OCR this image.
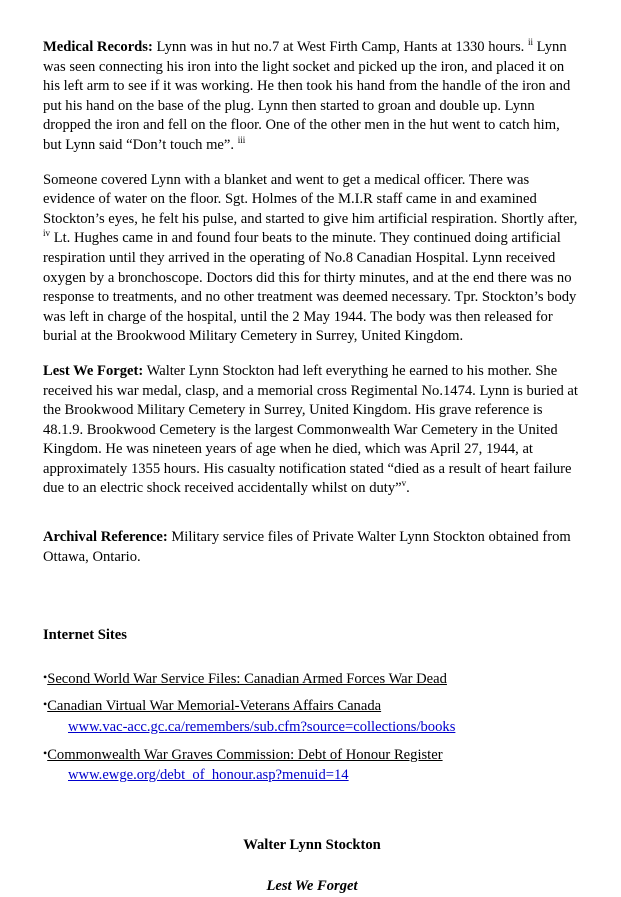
Medical Records: Lynn was in hut no.7 at West Firth Camp, Hants at 1330 hours. $^{ii}$ Lynn was seen connecting his iron into the light socket and picked up the iron, and placed it on his left arm to see if it was working. He then took his hand from the handle of the iron and put his hand on the base of the plug. Lynn then started to groan and double up. Lynn dropped the iron and fell on the floor. One of the other men in the hut went to catch him, but Lynn said “Don’t touch me”. $^{iii}$

Someone covered Lynn with a blanket and went to get a medical officer. There was evidence of water on the floor. Sgt. Holmes of the M.I.R staff came in and examined Stockton’s eyes, he felt his pulse, and started to give him artificial respiration. Shortly after, $^{iv}$ Lt. Hughes came in and found four beats to the minute. They continued doing artificial respiration until they arrived in the operating of No.8 Canadian Hospital. Lynn received oxygen by a bronchoscope. Doctors did this for thirty minutes, and at the end there was no response to treatments, and no other treatment was deemed necessary. Tpr. Stockton’s body was left in charge of the hospital, until the 2 May 1944. The body was then released for burial at the Brookwood Military Cemetery in Surrey, United Kingdom.

Lest We Forget: Walter Lynn Stockton had left everything he earned to his mother. She received his war medal, clasp, and a memorial cross Regimental No.1474. Lynn is buried at the Brookwood Military Cemetery in Surrey, United Kingdom. His grave reference is 48.1.9. Brookwood Cemetery is the largest Commonwealth War Cemetery in the United Kingdom. He was nineteen years of age when he died, which was April 27, 1944, at approximately 1355 hours. His casualty notification stated “died as a result of heart failure due to an electric shock received accidentally whilst on duty”$^v$.

Archival Reference: Military service files of Private Walter Lynn Stockton obtained from Ottawa, Ontario.

Internet Sites
•Second World War Service Files: Canadian Armed Forces War Dead
•Canadian Virtual War Memorial-Veterans Affairs Canada
www.vac-acc.gc.ca/remembers/sub.cfm?source=collections/books
•Commonwealth War Graves Commission: Debt of Honour Register
www.ewge.org/debt_of_honour.asp?menuid=14

Walter Lynn Stockton

Lest We Forget
